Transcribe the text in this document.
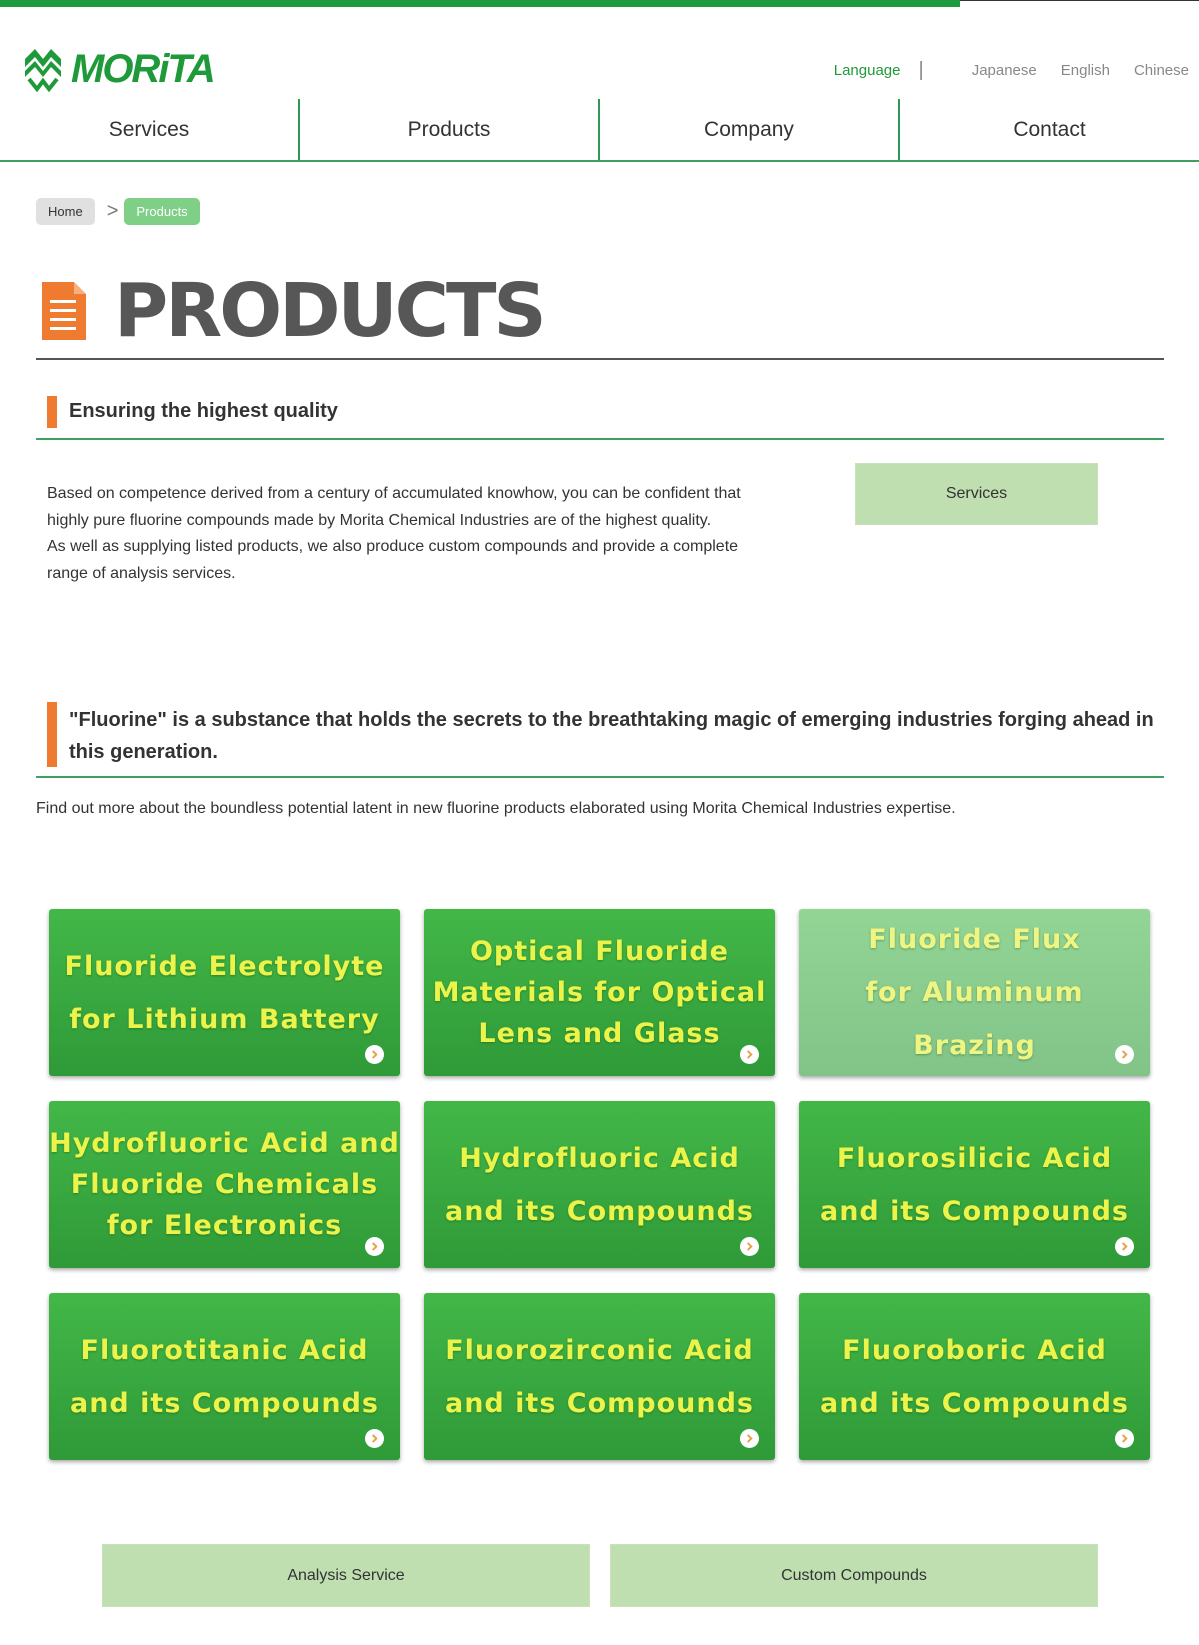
MORiTA	Language |	Japanese English Chinese
Services	Products	Company	Contact
Home	>	Products
PRODUCTS
Ensuring the highest quality

Based on competence derived from a century of accumulated knowhow, you can be confident that highly pure fluorine compounds made by Morita Chemical Industries are of the highest quality.

As well as supplying listed products, we also produce custom compounds and provide a complete range of analysis services.

Services
"Fluorine" is a substance that holds the secrets to the breathtaking magic of emerging industries forging ahead in this generation.

Find out more about the boundless potential latent in new fluorine products elaborated using Morita Chemical Industries expertise.

Fluoride Electrolyte
for Lithium Battery
Optical Fluoride
Materials for Optical
Lens and Glass
Fluoride Flux
for Aluminum Brazing
Hydrofluoric Acid and
Fluoride Chemicals
for Electronics
Hydrofluoric Acid
and its Compounds
Fluorosilicic Acid
and its Compounds
Fluorotitanic Acid
and its Compounds
Fluorozirconic Acid
and its Compounds
Fluoroboric Acid
and its Compounds
Analysis Service	Custom Compounds
